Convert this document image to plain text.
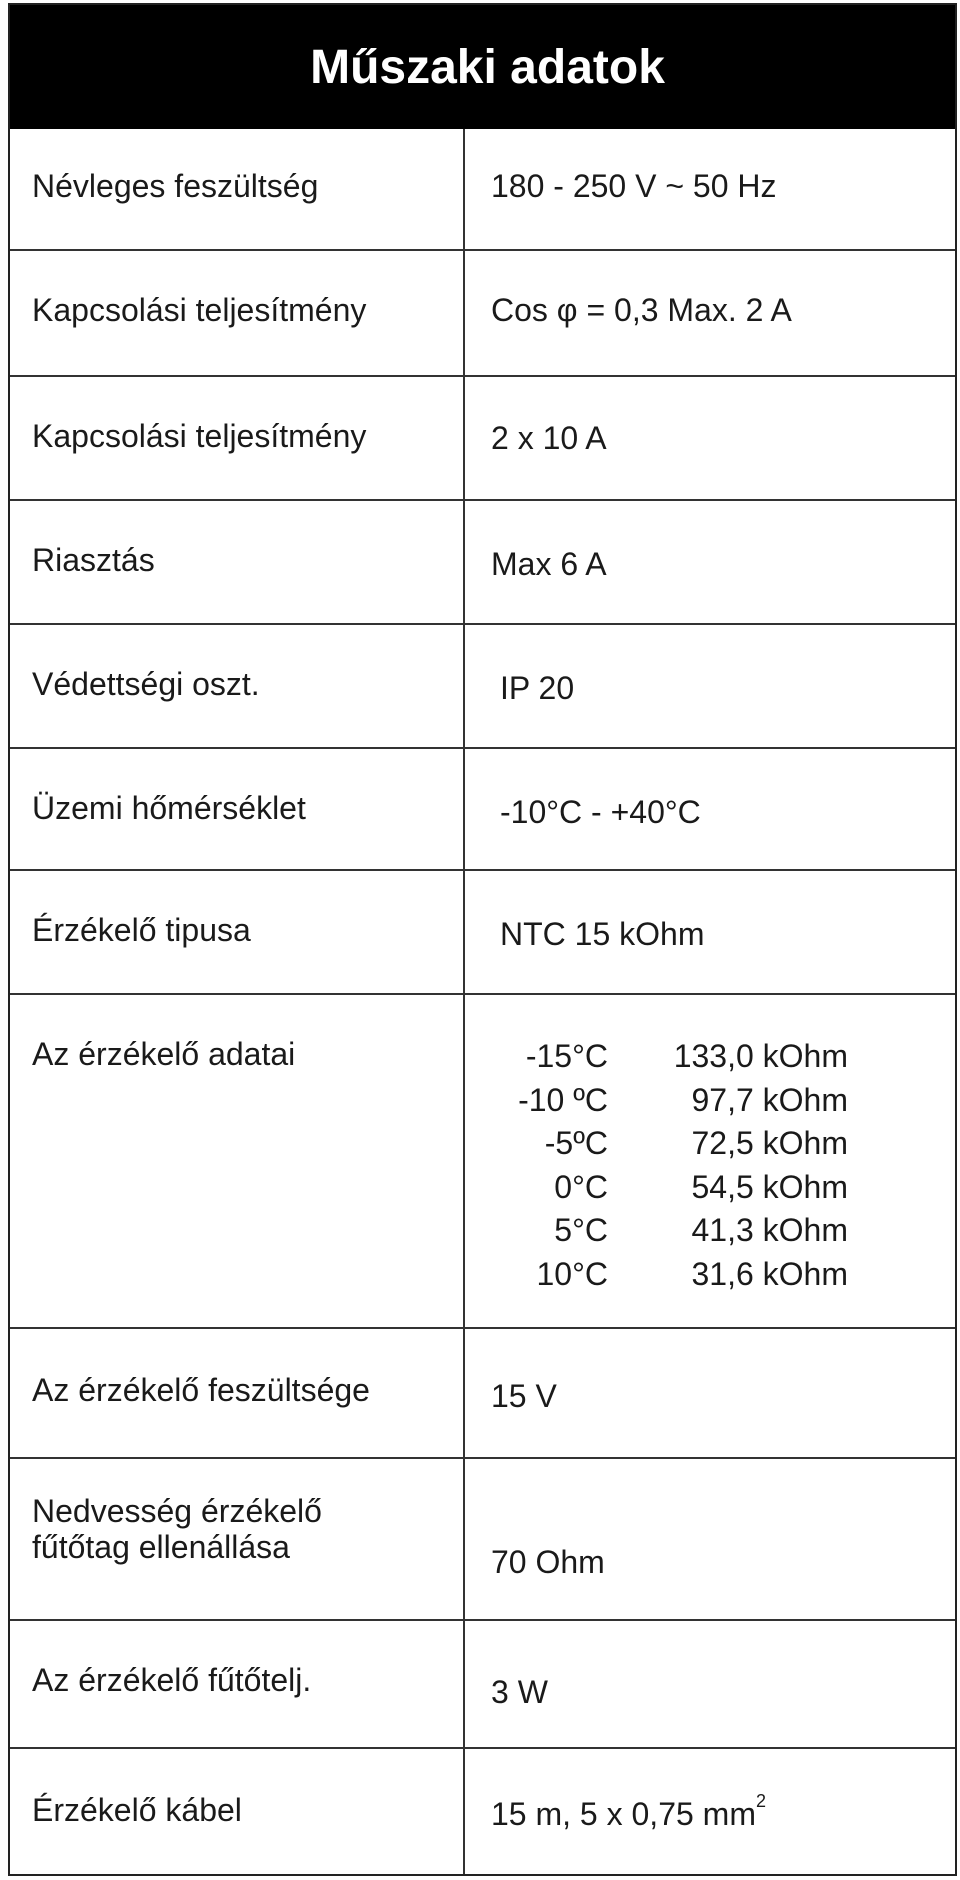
Műszaki adatok
Névleges feszültség	180 - 250 V ~ 50 Hz
Kapcsolási teljesítmény	Cos φ = 0,3 Max. 2 A
Kapcsolási teljesítmény	2 x 10 A
Riasztás	Max 6 A
Védettségi oszt.	IP 20
Üzemi hőmérséklet	-10°C - +40°C
Érzékelő tipusa	NTC 15 kOhm
Az érzékelő adatai	-15°C	133,0 kOhm
-10 ºC	97,7 kOhm
-5ºC	72,5 kOhm
0°C	54,5 kOhm
5°C	41,3 kOhm
10°C	31,6 kOhm
Az érzékelő feszültsége	15 V
Nedvesség érzékelő
fűtőtag ellenállása	70 Ohm
Az érzékelő fűtőtelj.	3 W
Érzékelő kábel	15 m, 5 x 0,75 $mm^2$
